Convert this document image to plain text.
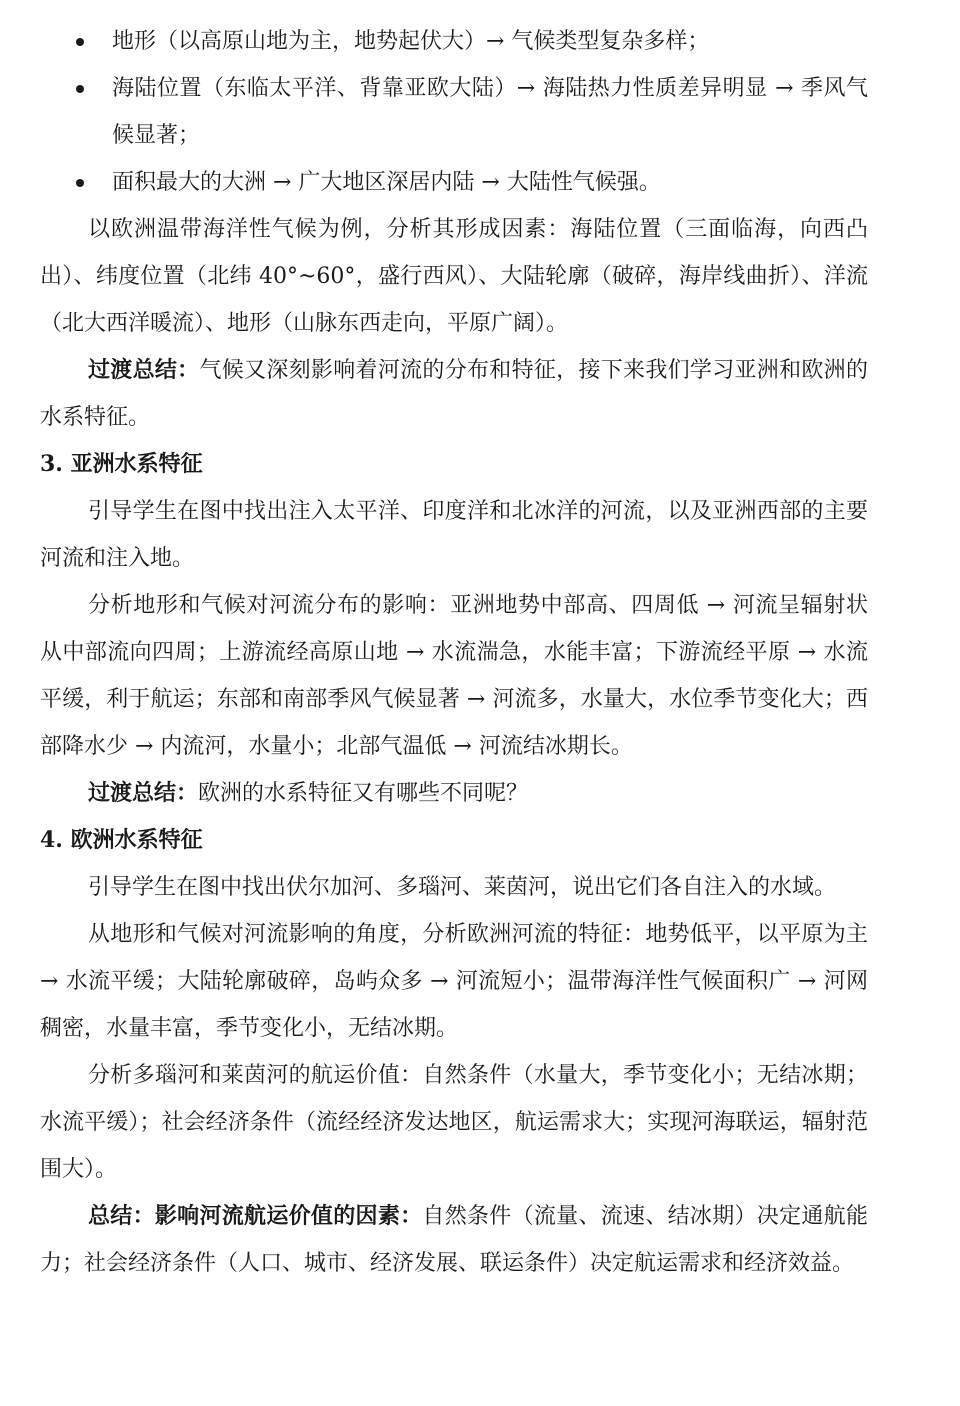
地形（以高原山地为主，地势起伏大）→ 气候类型复杂多样；
海陆位置（东临太平洋、背靠亚欧大陆）→ 海陆热力性质差异明显 → 季风气候显著；
面积最大的大洲 → 广大地区深居内陆 → 大陆性气候强。

以欧洲温带海洋性气候为例，分析其形成因素：海陆位置（三面临海，向西凸出）、纬度位置（北纬 40°~60°，盛行西风）、大陆轮廓（破碎，海岸线曲折）、洋流（北大西洋暖流）、地形（山脉东西走向，平原广阔）。

过渡总结：气候又深刻影响着河流的分布和特征，接下来我们学习亚洲和欧洲的水系特征。

3. 亚洲水系特征

引导学生在图中找出注入太平洋、印度洋和北冰洋的河流，以及亚洲西部的主要河流和注入地。

分析地形和气候对河流分布的影响：亚洲地势中部高、四周低 → 河流呈辐射状从中部流向四周；上游流经高原山地 → 水流湍急，水能丰富；下游流经平原 → 水流平缓，利于航运；东部和南部季风气候显著 → 河流多，水量大，水位季节变化大；西部降水少 → 内流河，水量小；北部气温低 → 河流结冰期长。

过渡总结：欧洲的水系特征又有哪些不同呢？

4. 欧洲水系特征

引导学生在图中找出伏尔加河、多瑙河、莱茵河，说出它们各自注入的水域。

从地形和气候对河流影响的角度，分析欧洲河流的特征：地势低平，以平原为主 → 水流平缓；大陆轮廓破碎，岛屿众多 → 河流短小；温带海洋性气候面积广 → 河网稠密，水量丰富，季节变化小，无结冰期。

分析多瑙河和莱茵河的航运价值：自然条件（水量大，季节变化小；无结冰期；水流平缓）；社会经济条件（流经经济发达地区，航运需求大；实现河海联运，辐射范围大）。

总结：影响河流航运价值的因素：自然条件（流量、流速、结冰期）决定通航能力；社会经济条件（人口、城市、经济发展、联运条件）决定航运需求和经济效益。
